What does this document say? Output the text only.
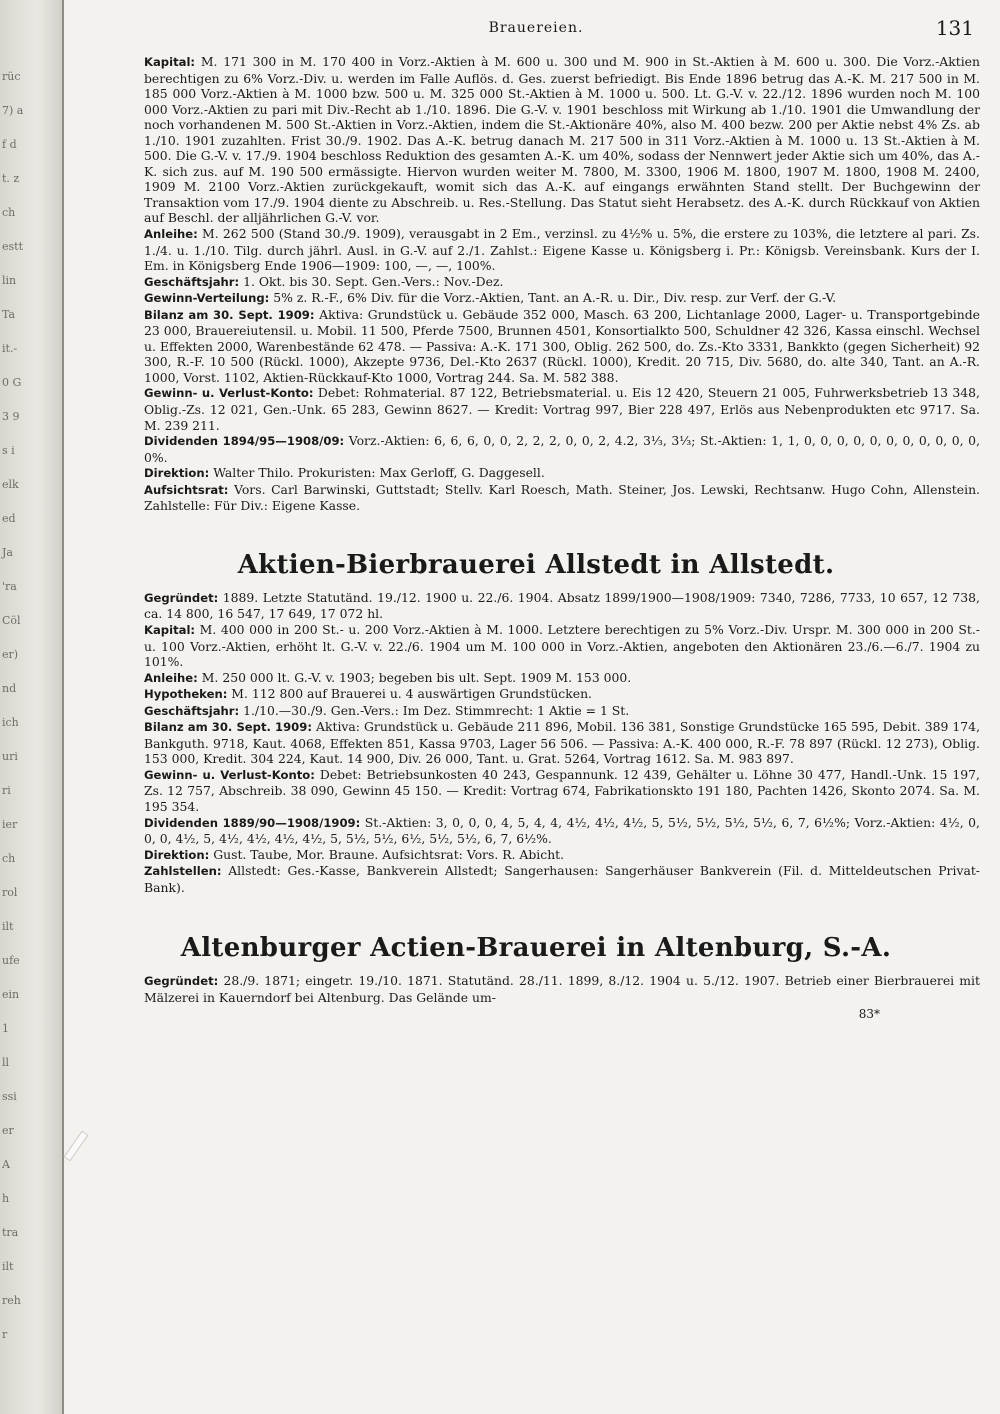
rüc
7) a
f d
t. z
ch
estt
lin
Ta
it.-
0 G
3 9
s i
elk
ed
Ja
'ra
Cöl
er)
nd
ich
uri
ri
ier
ch
rol
ilt
ufe
ein
1
ll
ssi
er
A
h
tra
ilt
reh
r
Brauereien.	131

Kapital: M. 171 300 in M. 170 400 in Vorz.-Aktien à M. 600 u. 300 und M. 900 in St.-Aktien à M. 600 u. 300. Die Vorz.-Aktien berechtigen zu 6% Vorz.-Div. u. werden im Falle Auflös. d. Ges. zuerst befriedigt. Bis Ende 1896 betrug das A.-K. M. 217 500 in M. 185 000 Vorz.-Aktien à M. 1000 bzw. 500 u. M. 325 000 St.-Aktien à M. 1000 u. 500. Lt. G.-V. v. 22./12. 1896 wurden noch M. 100 000 Vorz.-Aktien zu pari mit Div.-Recht ab 1./10. 1896. Die G.-V. v. 1901 beschloss mit Wirkung ab 1./10. 1901 die Umwandlung der noch vorhandenen M. 500 St.-Aktien in Vorz.-Aktien, indem die St.-Aktionäre 40%, also M. 400 bezw. 200 per Aktie nebst 4% Zs. ab 1./10. 1901 zuzahlten. Frist 30./9. 1902. Das A.-K. betrug danach M. 217 500 in 311 Vorz.-Aktien à M. 1000 u. 13 St.-Aktien à M. 500. Die G.-V. v. 17./9. 1904 beschloss Reduktion des gesamten A.-K. um 40%, sodass der Nennwert jeder Aktie sich um 40%, das A.-K. sich zus. auf M. 190 500 ermässigte. Hiervon wurden weiter M. 7800, M. 3300, 1906 M. 1800, 1907 M. 1800, 1908 M. 2400, 1909 M. 2100 Vorz.-Aktien zurückgekauft, womit sich das A.-K. auf eingangs erwähnten Stand stellt. Der Buchgewinn der Transaktion vom 17./9. 1904 diente zu Abschreib. u. Res.-Stellung. Das Statut sieht Herabsetz. des A.-K. durch Rückkauf von Aktien auf Beschl. der alljährlichen G.-V. vor.

Anleihe: M. 262 500 (Stand 30./9. 1909), verausgabt in 2 Em., verzinsl. zu 4½% u. 5%, die erstere zu 103%, die letztere al pari. Zs. 1./4. u. 1./10. Tilg. durch jährl. Ausl. in G.-V. auf 2./1. Zahlst.: Eigene Kasse u. Königsberg i. Pr.: Königsb. Vereinsbank. Kurs der I. Em. in Königsberg Ende 1906—1909: 100, —, —, 100%.

Geschäftsjahr: 1. Okt. bis 30. Sept. Gen.-Vers.: Nov.-Dez.

Gewinn-Verteilung: 5% z. R.-F., 6% Div. für die Vorz.-Aktien, Tant. an A.-R. u. Dir., Div. resp. zur Verf. der G.-V.

Bilanz am 30. Sept. 1909: Aktiva: Grundstück u. Gebäude 352 000, Masch. 63 200, Lichtanlage 2000, Lager- u. Transportgebinde 23 000, Brauereiutensil. u. Mobil. 11 500, Pferde 7500, Brunnen 4501, Konsortialkto 500, Schuldner 42 326, Kassa einschl. Wechsel u. Effekten 2000, Warenbestände 62 478. — Passiva: A.-K. 171 300, Oblig. 262 500, do. Zs.-Kto 3331, Bankkto (gegen Sicherheit) 92 300, R.-F. 10 500 (Rückl. 1000), Akzepte 9736, Del.-Kto 2637 (Rückl. 1000), Kredit. 20 715, Div. 5680, do. alte 340, Tant. an A.-R. 1000, Vorst. 1102, Aktien-Rückkauf-Kto 1000, Vortrag 244. Sa. M. 582 388.

Gewinn- u. Verlust-Konto: Debet: Rohmaterial. 87 122, Betriebsmaterial. u. Eis 12 420, Steuern 21 005, Fuhrwerksbetrieb 13 348, Oblig.-Zs. 12 021, Gen.-Unk. 65 283, Gewinn 8627. — Kredit: Vortrag 997, Bier 228 497, Erlös aus Nebenprodukten etc 9717. Sa. M. 239 211.

Dividenden 1894/95—1908/09: Vorz.-Aktien: 6, 6, 6, 0, 0, 2, 2, 2, 0, 0, 2, 4.2, 3⅓, 3⅓; St.-Aktien: 1, 1, 0, 0, 0, 0, 0, 0, 0, 0, 0, 0, 0, 0%.

Direktion: Walter Thilo. Prokuristen: Max Gerloff, G. Daggesell.

Aufsichtsrat: Vors. Carl Barwinski, Guttstadt; Stellv. Karl Roesch, Math. Steiner, Jos. Lewski, Rechtsanw. Hugo Cohn, Allenstein. Zahlstelle: Für Div.: Eigene Kasse.

Aktien-Bierbrauerei Allstedt in Allstedt.

Gegründet: 1889. Letzte Statutänd. 19./12. 1900 u. 22./6. 1904. Absatz 1899/1900—1908/1909: 7340, 7286, 7733, 10 657, 12 738, ca. 14 800, 16 547, 17 649, 17 072 hl.

Kapital: M. 400 000 in 200 St.- u. 200 Vorz.-Aktien à M. 1000. Letztere berechtigen zu 5% Vorz.-Div. Urspr. M. 300 000 in 200 St.- u. 100 Vorz.-Aktien, erhöht lt. G.-V. v. 22./6. 1904 um M. 100 000 in Vorz.-Aktien, angeboten den Aktionären 23./6.—6./7. 1904 zu 101%.

Anleihe: M. 250 000 lt. G.-V. v. 1903; begeben bis ult. Sept. 1909 M. 153 000.

Hypotheken: M. 112 800 auf Brauerei u. 4 auswärtigen Grundstücken.

Geschäftsjahr: 1./10.—30./9. Gen.-Vers.: Im Dez. Stimmrecht: 1 Aktie = 1 St.

Bilanz am 30. Sept. 1909: Aktiva: Grundstück u. Gebäude 211 896, Mobil. 136 381, Sonstige Grundstücke 165 595, Debit. 389 174, Bankguth. 9718, Kaut. 4068, Effekten 851, Kassa 9703, Lager 56 506. — Passiva: A.-K. 400 000, R.-F. 78 897 (Rückl. 12 273), Oblig. 153 000, Kredit. 304 224, Kaut. 14 900, Div. 26 000, Tant. u. Grat. 5264, Vortrag 1612. Sa. M. 983 897.

Gewinn- u. Verlust-Konto: Debet: Betriebsunkosten 40 243, Gespannunk. 12 439, Gehälter u. Löhne 30 477, Handl.-Unk. 15 197, Zs. 12 757, Abschreib. 38 090, Gewinn 45 150. — Kredit: Vortrag 674, Fabrikationskto 191 180, Pachten 1426, Skonto 2074. Sa. M. 195 354.

Dividenden 1889/90—1908/1909: St.-Aktien: 3, 0, 0, 0, 4, 5, 4, 4, 4½, 4½, 4½, 5, 5½, 5½, 5½, 5½, 6, 7, 6½%; Vorz.-Aktien: 4½, 0, 0, 0, 4½, 5, 4½, 4½, 4½, 4½, 5, 5½, 5½, 6½, 5½, 5½, 6, 7, 6½%.

Direktion: Gust. Taube, Mor. Braune. Aufsichtsrat: Vors. R. Abicht.

Zahlstellen: Allstedt: Ges.-Kasse, Bankverein Allstedt; Sangerhausen: Sangerhäuser Bankverein (Fil. d. Mitteldeutschen Privat-Bank).

Altenburger Actien-Brauerei in Altenburg, S.-A.

Gegründet: 28./9. 1871; eingetr. 19./10. 1871. Statutänd. 28./11. 1899, 8./12. 1904 u. 5./12. 1907. Betrieb einer Bierbrauerei mit Mälzerei in Kauerndorf bei Altenburg. Das Gelände um-

83*
